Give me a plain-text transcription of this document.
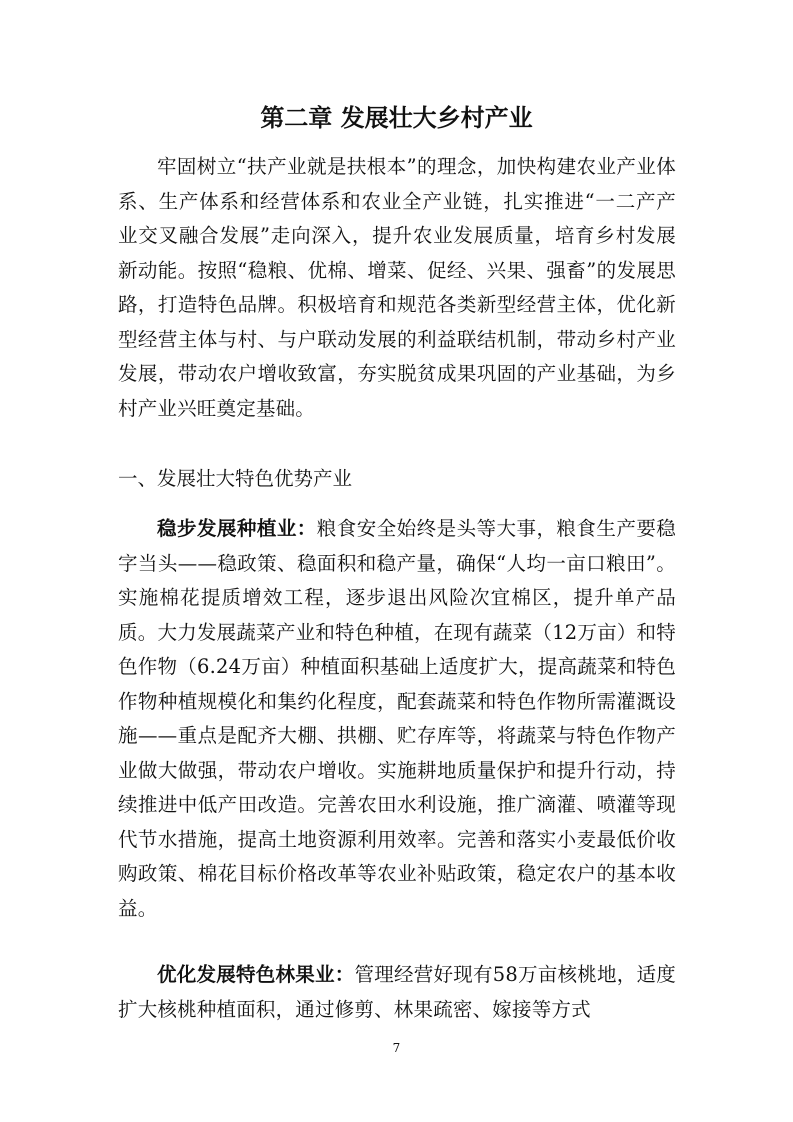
第二章 发展壮大乡村产业

牢固树立“扶产业就是扶根本”的理念，加快构建农业产业体系、生产体系和经营体系和农业全产业链，扎实推进“一二产产业交叉融合发展”走向深入，提升农业发展质量，培育乡村发展新动能。按照“稳粮、优棉、增菜、促经、兴果、强畜”的发展思路，打造特色品牌。积极培育和规范各类新型经营主体，优化新型经营主体与村、与户联动发展的利益联结机制，带动乡村产业发展，带动农户增收致富，夯实脱贫成果巩固的产业基础，为乡村产业兴旺奠定基础。

一、发展壮大特色优势产业

稳步发展种植业：粮食安全始终是头等大事，粮食生产要稳字当头——稳政策、稳面积和稳产量，确保“人均一亩口粮田”。实施棉花提质增效工程，逐步退出风险次宜棉区，提升单产品质。大力发展蔬菜产业和特色种植，在现有蔬菜（12万亩）和特色作物（6.24万亩）种植面积基础上适度扩大，提高蔬菜和特色作物种植规模化和集约化程度，配套蔬菜和特色作物所需灌溉设施——重点是配齐大棚、拱棚、贮存库等，将蔬菜与特色作物产业做大做强，带动农户增收。实施耕地质量保护和提升行动，持续推进中低产田改造。完善农田水利设施，推广滴灌、喷灌等现代节水措施，提高土地资源利用效率。完善和落实小麦最低价收购政策、棉花目标价格改革等农业补贴政策，稳定农户的基本收益。

优化发展特色林果业：管理经营好现有58万亩核桃地，适度扩大核桃种植面积，通过修剪、林果疏密、嫁接等方式

7
